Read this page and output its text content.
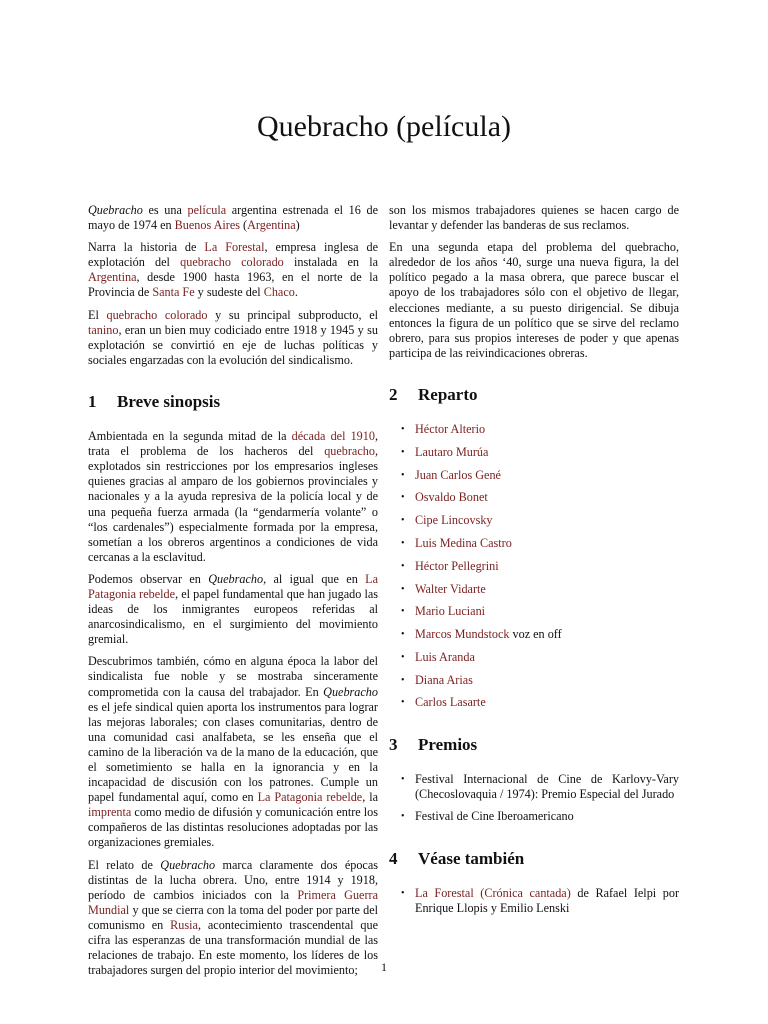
Quebracho (película)

Quebracho es una película argentina estrenada el 16 de mayo de 1974 en Buenos Aires (Argentina)

Narra la historia de La Forestal, empresa inglesa de explotación del quebracho colorado instalada en la Argentina, desde 1900 hasta 1963, en el norte de la Provincia de Santa Fe y sudeste del Chaco.

El quebracho colorado y su principal subproducto, el tanino, eran un bien muy codiciado entre 1918 y 1945 y su explotación se convirtió en eje de luchas políticas y sociales engarzadas con la evolución del sindicalismo.

1 Breve sinopsis

Ambientada en la segunda mitad de la década del 1910, trata el problema de los hacheros del quebracho, explotados sin restricciones por los empresarios ingleses quienes gracias al amparo de los gobiernos provinciales y nacionales y a la ayuda represiva de la policía local y de una pequeña fuerza armada (la “gendarmería volante” o “los cardenales”) especialmente formada por la empresa, sometían a los obreros argentinos a condiciones de vida cercanas a la esclavitud.

Podemos observar en Quebracho, al igual que en La Patagonia rebelde, el papel fundamental que han jugado las ideas de los inmigrantes europeos referidas al anarcosindicalismo, en el surgimiento del movimiento gremial.

Descubrimos también, cómo en alguna época la labor del sindicalista fue noble y se mostraba sinceramente comprometida con la causa del trabajador. En Quebracho es el jefe sindical quien aporta los instrumentos para lograr las mejoras laborales; con clases comunitarias, dentro de una comunidad casi analfabeta, se les enseña que el camino de la liberación va de la mano de la educación, que el sometimiento se halla en la ignorancia y en la incapacidad de discusión con los patrones. Cumple un papel fundamental aquí, como en La Patagonia rebelde, la imprenta como medio de difusión y comunicación entre los compañeros de las distintas resoluciones adoptadas por las organizaciones gremiales.

El relato de Quebracho marca claramente dos épocas distintas de la lucha obrera. Uno, entre 1914 y 1918, período de cambios iniciados con la Primera Guerra Mundial y que se cierra con la toma del poder por parte del comunismo en Rusia, acontecimiento trascendental que cifra las esperanzas de una transformación mundial de las relaciones de trabajo. En este momento, los líderes de los trabajadores surgen del propio interior del movimiento;

son los mismos trabajadores quienes se hacen cargo de levantar y defender las banderas de sus reclamos.

En una segunda etapa del problema del quebracho, alrededor de los años ‘40, surge una nueva figura, la del político pegado a la masa obrera, que parece buscar el apoyo de los trabajadores sólo con el objetivo de llegar, elecciones mediante, a su puesto dirigencial. Se dibuja entonces la figura de un político que se sirve del reclamo obrero, para sus propios intereses de poder y que apenas participa de las reivindicaciones obreras.

2 Reparto
• Héctor Alterio
• Lautaro Murúa
• Juan Carlos Gené
• Osvaldo Bonet
• Cipe Lincovsky
• Luis Medina Castro
• Héctor Pellegrini
• Walter Vidarte
• Mario Luciani
• Marcos Mundstock voz en off
• Luis Aranda
• Diana Arias
• Carlos Lasarte
3 Premios
• Festival Internacional de Cine de Karlovy-Vary (Checoslovaquia / 1974): Premio Especial del Jurado
• Festival de Cine Iberoamericano
4 Véase también
• La Forestal (Crónica cantada) de Rafael Ielpi por Enrique Llopis y Emilio Lenski
1
